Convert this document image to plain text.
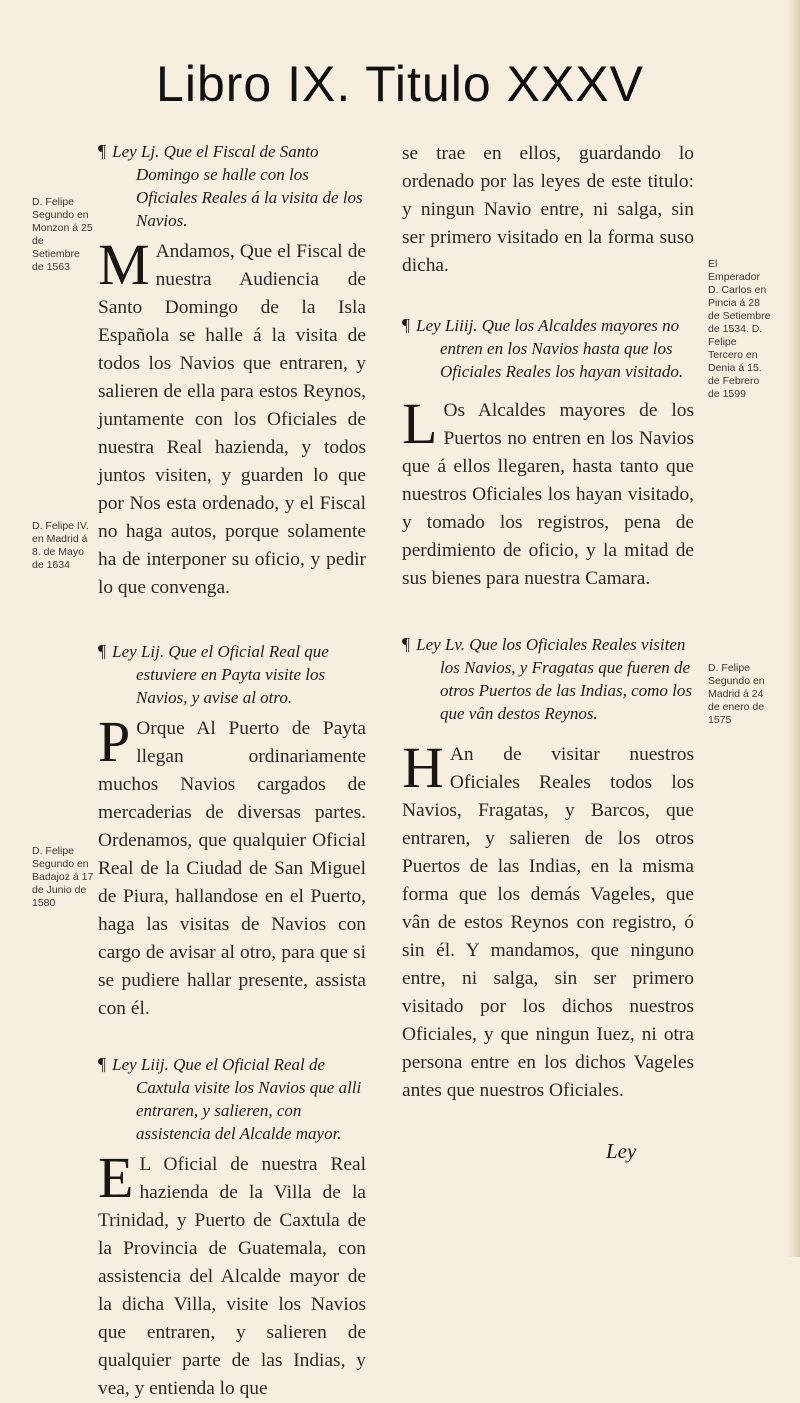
Libro IX. Titulo XXXV
¶ Ley Lj. Que el Fiscal de Santo Domingo se halle con los Oficiales Reales á la visita de los Navios.
M Andamos, Que el Fiscal de nuestra Audiencia de Santo Domingo de la Isla Española se halle á la visita de todos los Navios que entraren, y salieren de ella para estos Reynos, juntamente con los Oficiales de nuestra Real hazienda, y todos juntos visiten, y guarden lo que por Nos esta ordenado, y el Fiscal no haga autos, porque solamente ha de interponer su oficio, y pedir lo que convenga.
¶ Ley Lij. Que el Oficial Real que estuviere en Payta visite los Navios, y avise al otro.
P Orque Al Puerto de Payta llegan ordinariamente muchos Navios cargados de mercaderias de diversas partes. Ordenamos, que qualquier Oficial Real de la Ciudad de San Miguel de Piura, hallandose en el Puerto, haga las visitas de Navios con cargo de avisar al otro, para que si se pudiere hallar presente, assista con él.
¶ Ley Liij. Que el Oficial Real de Caxtula visite los Navios que alli entraren, y salieren, con assistencia del Alcalde mayor.
E L Oficial de nuestra Real hazienda de la Villa de la Trinidad, y Puerto de Caxtula de la Provincia de Guatemala, con assistencia del Alcalde mayor de la dicha Villa, visite los Navios que entraren, y salieren de qualquier parte de las Indias, y vea, y entienda lo que
se trae en ellos, guardando lo ordenado por las leyes de este titulo: y ningun Navio entre, ni salga, sin ser primero visitado en la forma suso dicha.
¶ Ley Liiij. Que los Alcaldes mayores no entren en los Navios hasta que los Oficiales Reales los hayan visitado.
L Os Alcaldes mayores de los Puertos no entren en los Navios que á ellos llegaren, hasta tanto que nuestros Oficiales los hayan visitado, y tomado los registros, pena de perdimiento de oficio, y la mitad de sus bienes para nuestra Camara.
¶ Ley Lv. Que los Oficiales Reales visiten los Navios, y Fragatas que fueren de otros Puertos de las Indias, como los que vân destos Reynos.
H An de visitar nuestros Oficiales Reales todos los Navios, Fragatas, y Barcos, que entraren, y salieren de los otros Puertos de las Indias, en la misma forma que los demás Vageles, que vân de estos Reynos con registro, ó sin él. Y mandamos, que ninguno entre, ni salga, sin ser primero visitado por los dichos nuestros Oficiales, y que ningun Iuez, ni otra persona entre en los dichos Vageles antes que nuestros Oficiales.
D. Felipe Segundo en Monzon á 25 de Setiembre de 1563
D. Felipe IV. en Madrid á 8. de Mayo de 1634
D. Felipe Segundo en Badajoz á 17 de Junio de 1580
El Emperador D. Carlos en Pincia á 28 de Setiembre de 1534. D. Felipe Tercero en Denia á 15. de Febrero de 1599
D. Felipe Segundo en Madrid á 24 de enero de 1575
Ley
